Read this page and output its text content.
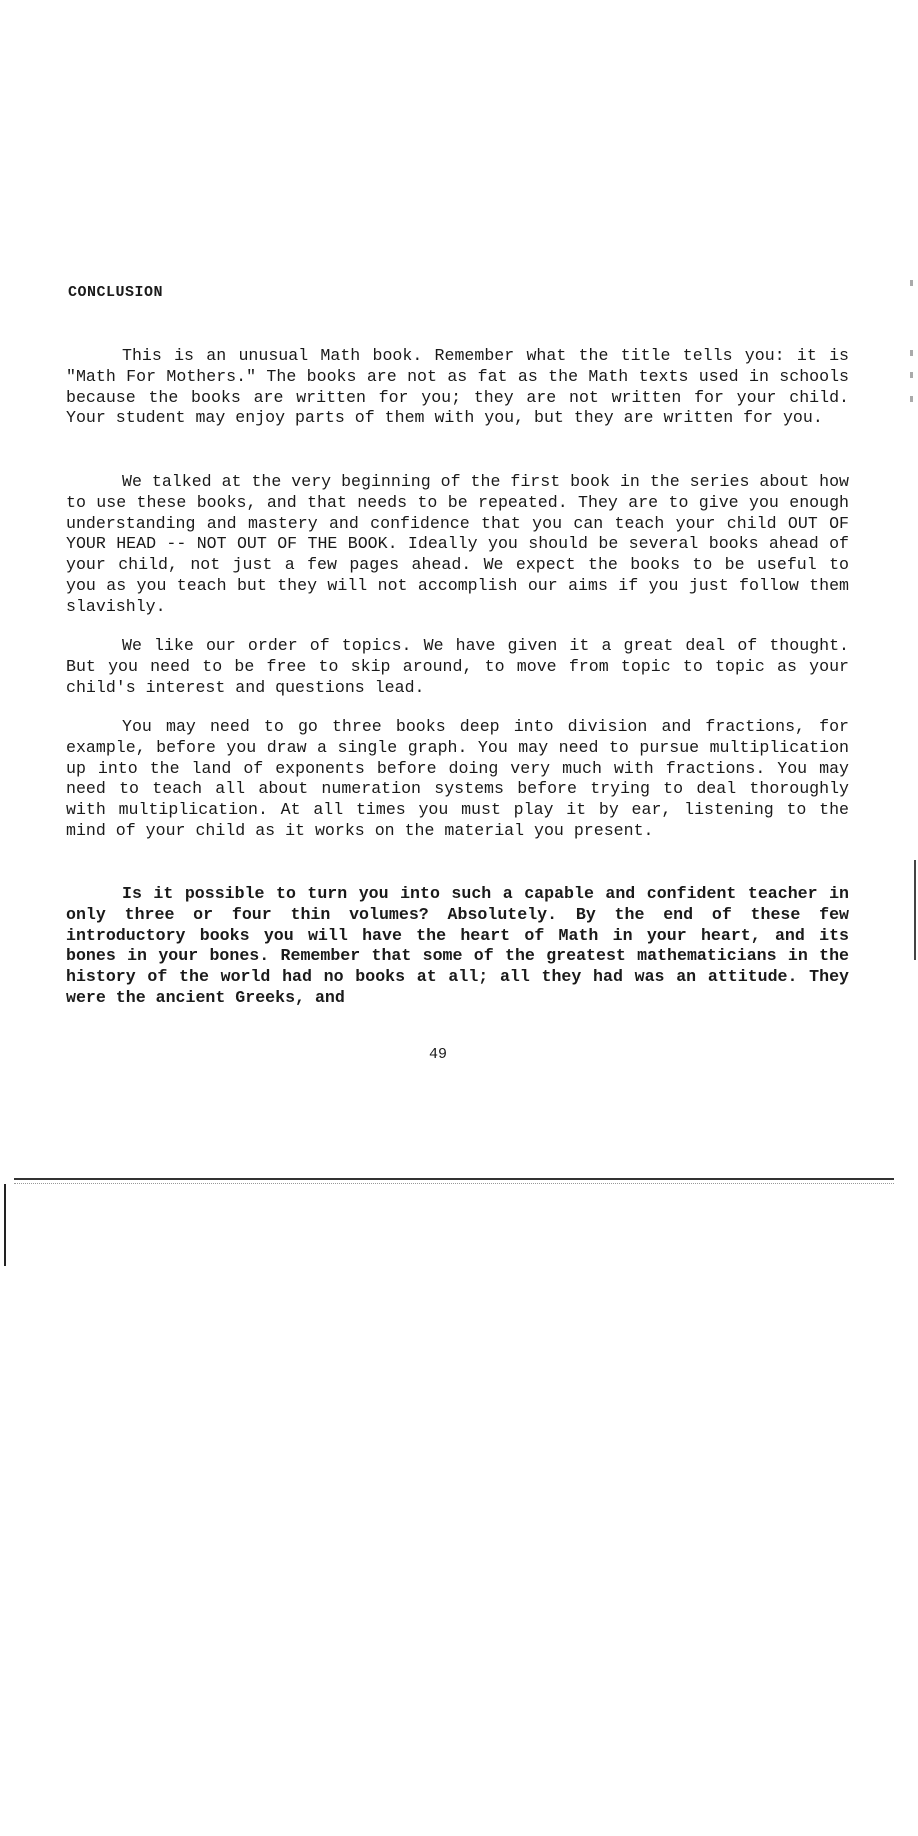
CONCLUSION

This is an unusual Math book. Remember what the title tells you: it is "Math For Mothers." The books are not as fat as the Math texts used in schools because the books are written for you; they are not written for your child. Your student may enjoy parts of them with you, but they are written for you.

We talked at the very beginning of the first book in the series about how to use these books, and that needs to be repeated. They are to give you enough understanding and mastery and confidence that you can teach your child OUT OF YOUR HEAD -- NOT OUT OF THE BOOK. Ideally you should be several books ahead of your child, not just a few pages ahead. We expect the books to be useful to you as you teach but they will not accomplish our aims if you just follow them slavishly.

We like our order of topics. We have given it a great deal of thought. But you need to be free to skip around, to move from topic to topic as your child's interest and questions lead.

You may need to go three books deep into division and fractions, for example, before you draw a single graph. You may need to pursue multiplication up into the land of exponents before doing very much with fractions. You may need to teach all about numeration systems before trying to deal thoroughly with multiplication. At all times you must play it by ear, listening to the mind of your child as it works on the material you present.

Is it possible to turn you into such a capable and confident teacher in only three or four thin volumes? Absolutely. By the end of these few introductory books you will have the heart of Math in your heart, and its bones in your bones. Remember that some of the greatest mathematicians in the history of the world had no books at all; all they had was an attitude. They were the ancient Greeks, and

49
